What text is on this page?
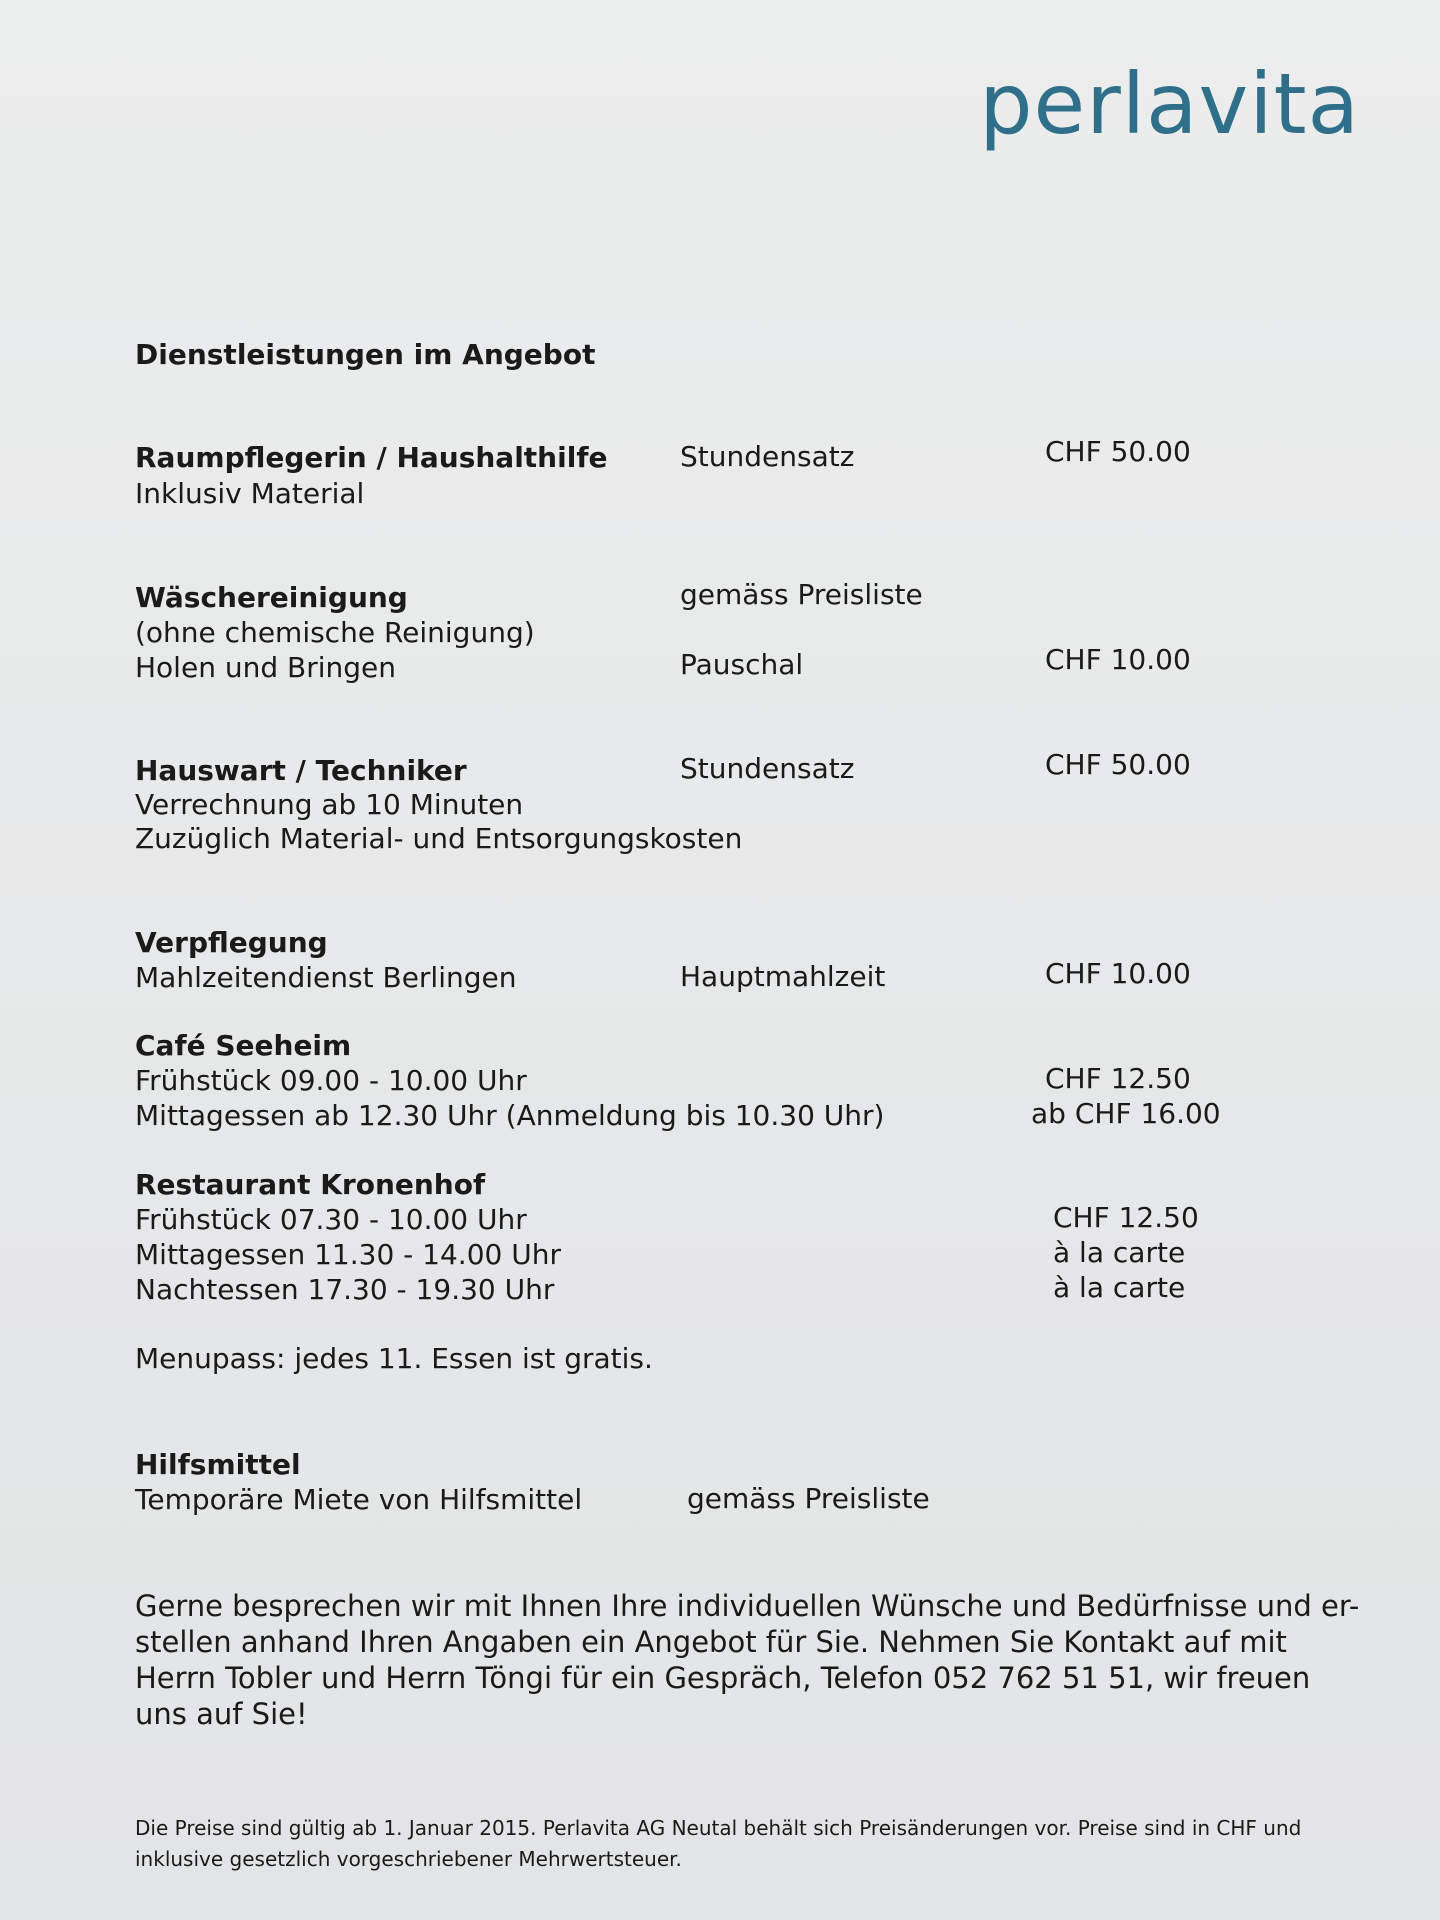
perlavita
Dienstleistungen im Angebot
Raumpflegerin / Haushalthilfe	Stundensatz	CHF 50.00
Inklusiv Material
Wäschereinigung	gemäss Preisliste
(ohne chemische Reinigung)
Holen und Bringen	Pauschal	CHF 10.00
Hauswart / Techniker	Stundensatz	CHF 50.00
Verrechnung ab 10 Minuten
Zuzüglich Material- und Entsorgungskosten
Verpflegung
Mahlzeitendienst Berlingen	Hauptmahlzeit	CHF 10.00
Café Seeheim
Frühstück 09.00 - 10.00 Uhr	CHF 12.50
Mittagessen ab 12.30 Uhr (Anmeldung bis 10.30 Uhr)	ab CHF 16.00
Restaurant Kronenhof
Frühstück 07.30 - 10.00 Uhr	CHF 12.50
Mittagessen 11.30 - 14.00 Uhr	à la carte
Nachtessen 17.30 - 19.30 Uhr	à la carte
Menupass: jedes 11. Essen ist gratis.
Hilfsmittel
Temporäre Miete von Hilfsmittel	gemäss Preisliste
Gerne besprechen wir mit Ihnen Ihre individuellen Wünsche und Bedürfnisse und er-stellen anhand Ihren Angaben ein Angebot für Sie. Nehmen Sie Kontakt auf mit Herrn Tobler und Herrn Töngi für ein Gespräch, Telefon 052 762 51 51, wir freuen uns auf Sie!
Die Preise sind gültig ab 1. Januar 2015. Perlavita AG Neutal behält sich Preisänderungen vor. Preise sind in CHF und inklusive gesetzlich vorgeschriebener Mehrwertsteuer.
